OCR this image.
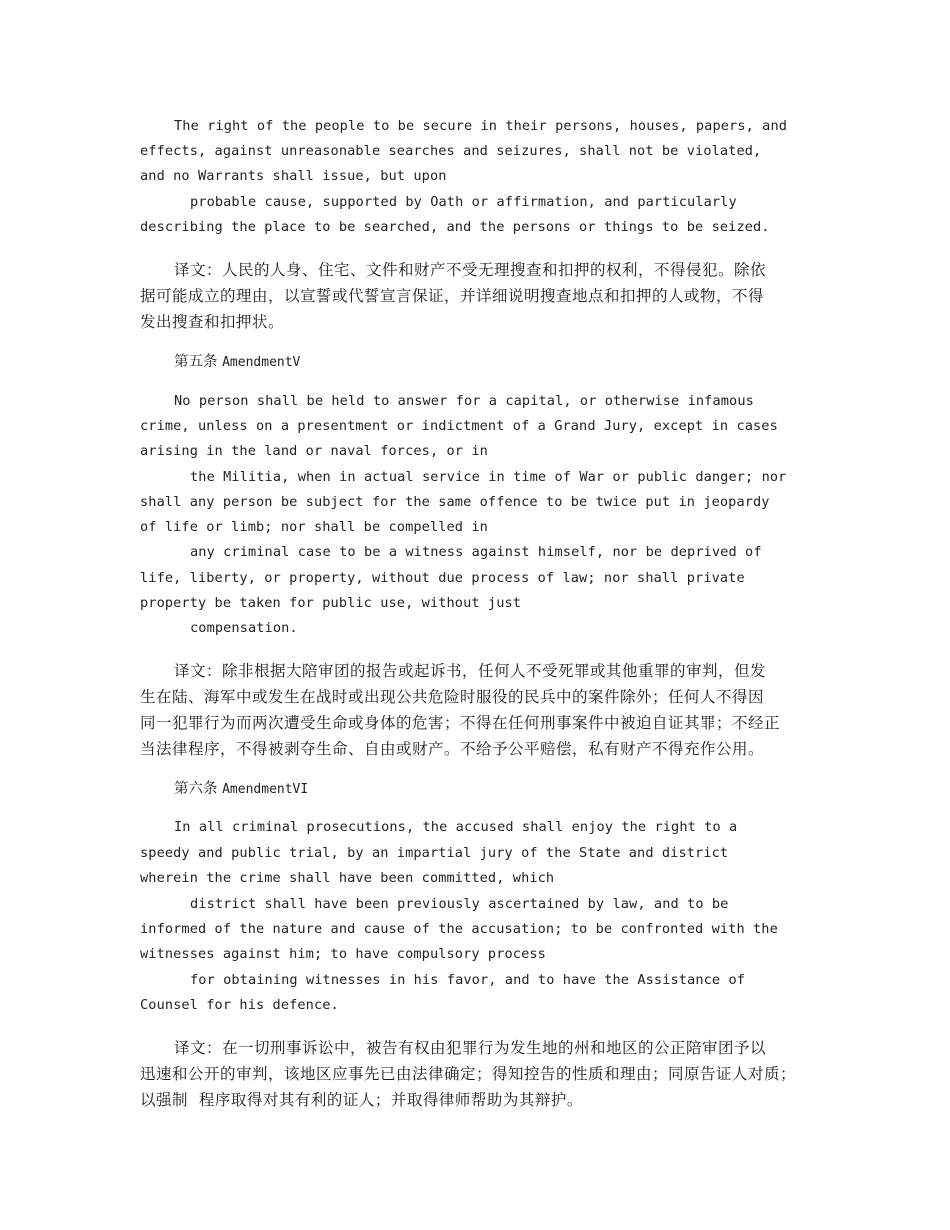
The right of the people to be secure in their persons, houses, papers, and
effects, against unreasonable searches and seizures, shall not be violated,
and no Warrants shall issue, but upon
probable cause, supported by Oath or affirmation, and particularly
describing the place to be searched, and the persons or things to be seized.
译文：人民的人身、住宅、文件和财产不受无理搜查和扣押的权利，不得侵犯。除依
据可能成立的理由，以宣誓或代誓宣言保证，并详细说明搜查地点和扣押的人或物，不得
发出搜查和扣押状。
第五条 AmendmentV
No person shall be held to answer for a capital, or otherwise infamous
crime, unless on a presentment or indictment of a Grand Jury, except in cases
arising in the land or naval forces, or in
the Militia, when in actual service in time of War or public danger; nor
shall any person be subject for the same offence to be twice put in jeopardy
of life or limb; nor shall be compelled in
any criminal case to be a witness against himself, nor be deprived of
life, liberty, or property, without due process of law; nor shall private
property be taken for public use, without just
compensation.
译文：除非根据大陪审团的报告或起诉书，任何人不受死罪或其他重罪的审判，但发
生在陆、海军中或发生在战时或出现公共危险时服役的民兵中的案件除外；任何人不得因
同一犯罪行为而两次遭受生命或身体的危害；不得在任何刑事案件中被迫自证其罪；不经正
当法律程序，不得被剥夺生命、自由或财产。不给予公平赔偿，私有财产不得充作公用。
第六条 AmendmentVI
In all criminal prosecutions, the accused shall enjoy the right to a
speedy and public trial, by an impartial jury of the State and district
wherein the crime shall have been committed, which
district shall have been previously ascertained by law, and to be
informed of the nature and cause of the accusation; to be confronted with the
witnesses against him; to have compulsory process
for obtaining witnesses in his favor, and to have the Assistance of
Counsel for his defence.
译文：在一切刑事诉讼中，被告有权由犯罪行为发生地的州和地区的公正陪审团予以
迅速和公开的审判，该地区应事先已由法律确定；得知控告的性质和理由；同原告证人对质；
以强制  程序取得对其有利的证人；并取得律师帮助为其辩护。
